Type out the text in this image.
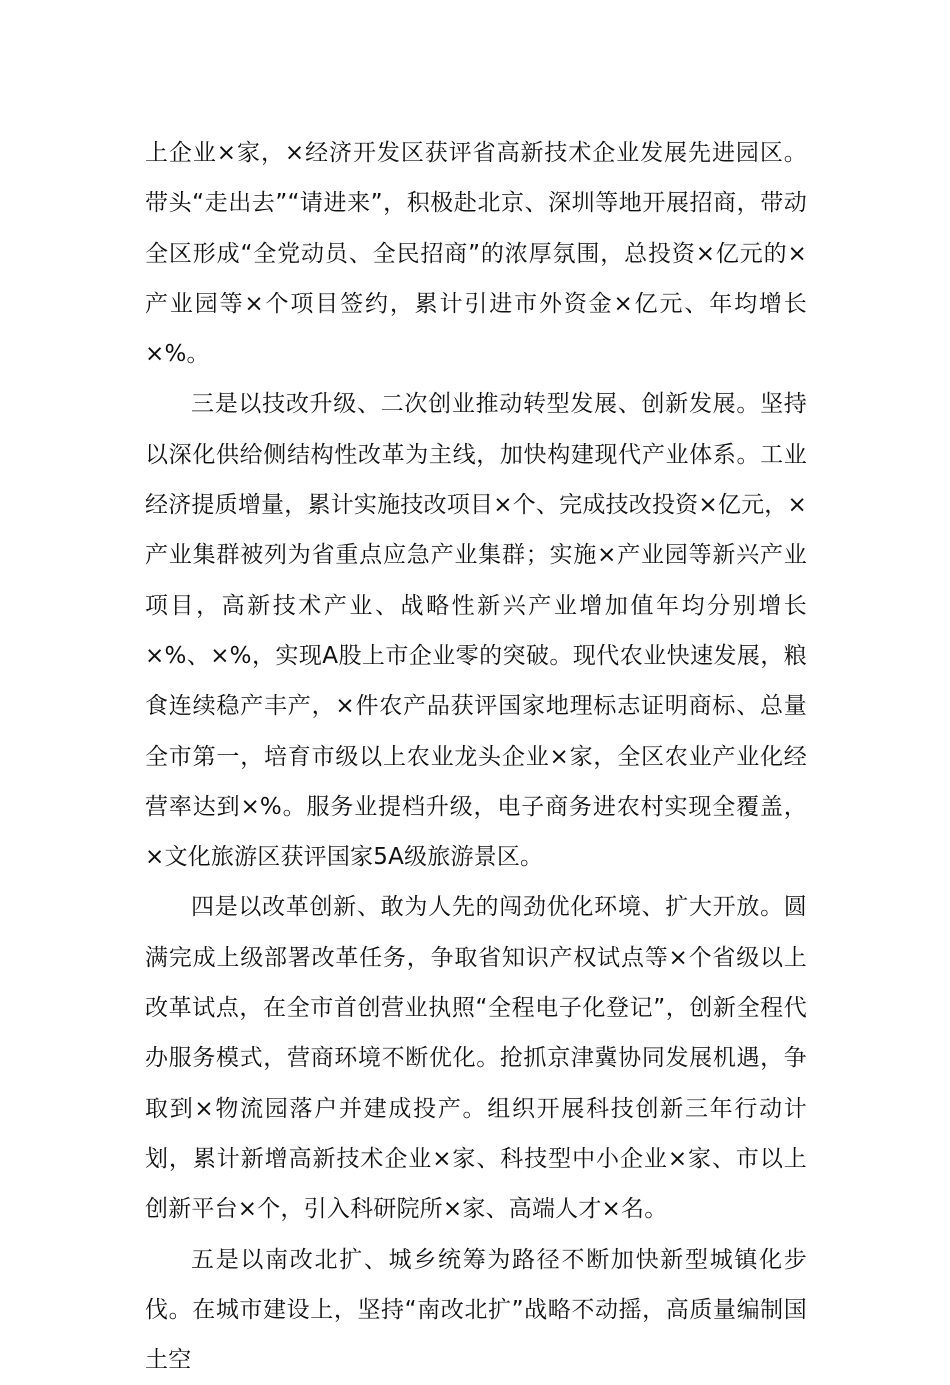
上企业×家，×经济开发区获评省高新技术企业发展先进园区。带头“走出去”“请进来”，积极赴北京、深圳等地开展招商，带动全区形成“全党动员、全民招商”的浓厚氛围，总投资×亿元的×产业园等×个项目签约，累计引进市外资金×亿元、年均增长×%。

三是以技改升级、二次创业推动转型发展、创新发展。坚持以深化供给侧结构性改革为主线，加快构建现代产业体系。工业经济提质增量，累计实施技改项目×个、完成技改投资×亿元，×产业集群被列为省重点应急产业集群；实施×产业园等新兴产业项目，高新技术产业、战略性新兴产业增加值年均分别增长×%、×%，实现A股上市企业零的突破。现代农业快速发展，粮食连续稳产丰产，×件农产品获评国家地理标志证明商标、总量全市第一，培育市级以上农业龙头企业×家，全区农业产业化经营率达到×%。服务业提档升级，电子商务进农村实现全覆盖，×文化旅游区获评国家5A级旅游景区。

四是以改革创新、敢为人先的闯劲优化环境、扩大开放。圆满完成上级部署改革任务，争取省知识产权试点等×个省级以上改革试点，在全市首创营业执照“全程电子化登记”，创新全程代办服务模式，营商环境不断优化。抢抓京津冀协同发展机遇，争取到×物流园落户并建成投产。组织开展科技创新三年行动计划，累计新增高新技术企业×家、科技型中小企业×家、市以上创新平台×个，引入科研院所×家、高端人才×名。

五是以南改北扩、城乡统筹为路径不断加快新型城镇化步伐。在城市建设上，坚持“南改北扩”战略不动摇，高质量编制国土空
